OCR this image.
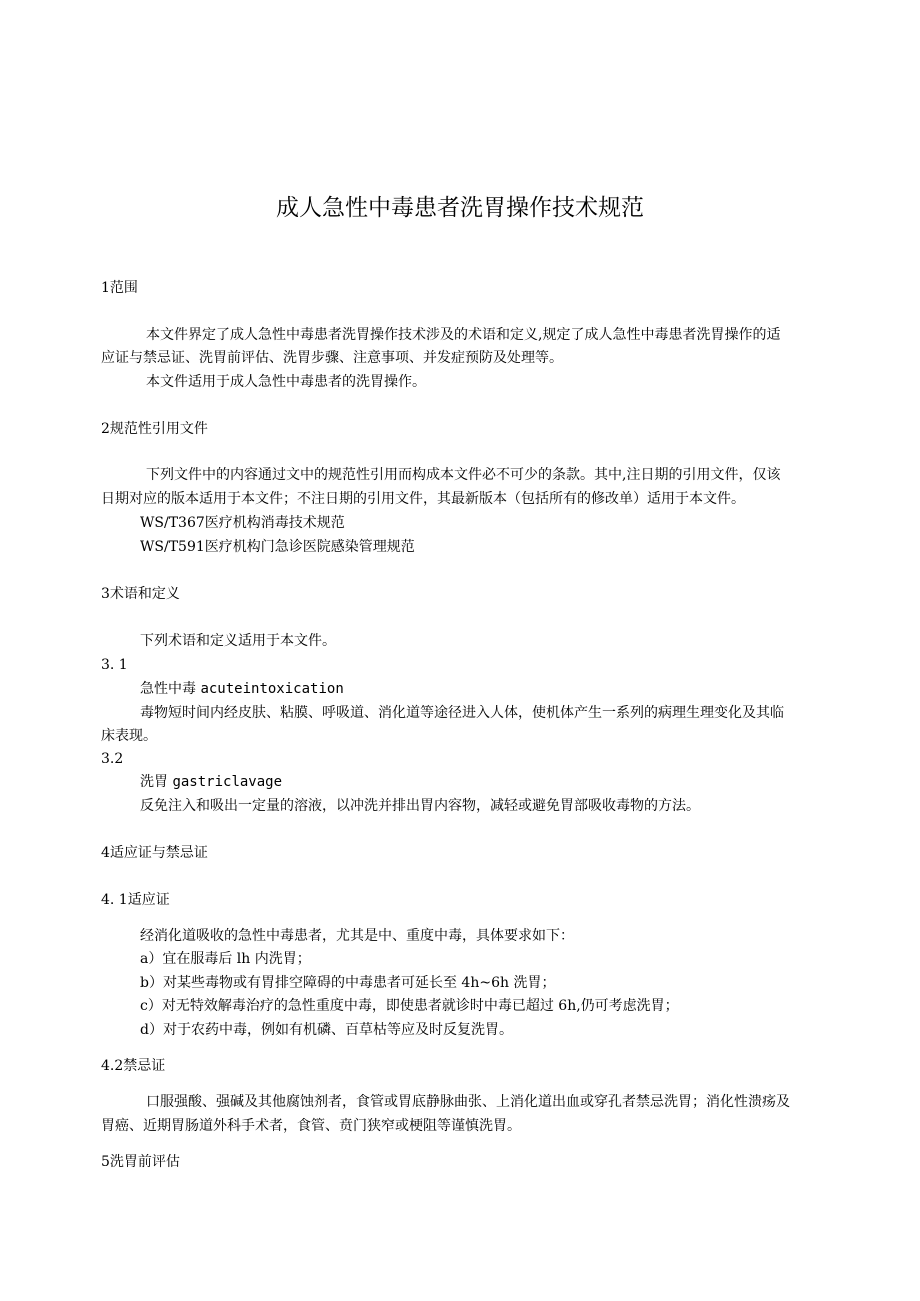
成人急性中毒患者洗胃操作技术规范
1范围
本文件界定了成人急性中毒患者洗胃操作技术涉及的术语和定义,规定了成人急性中毒患者洗胃操作的适
应证与禁忌证、洗胃前评估、洗胃步骤、注意事项、并发症预防及处理等。
本文件适用于成人急性中毒患者的洗胃操作。
2规范性引用文件
下列文件中的内容通过文中的规范性引用而构成本文件必不可少的条款。其中,注日期的引用文件，仅该
日期对应的版本适用于本文件；不注日期的引用文件，其最新版本（包括所有的修改单）适用于本文件。
WS/T367医疗机构消毒技术规范
WS/T591医疗机构门急诊医院感染管理规范
3术语和定义
下列术语和定义适用于本文件。
3. 1
急性中毒 acuteintoxication
毒物短时间内经皮肤、粘膜、呼吸道、消化道等途径进入人体，使机体产生一系列的病理生理变化及其临
床表现。
3.2
洗胃 gastriclavage
反免注入和吸出一定量的溶液，以冲洗并排出胃内容物，减轻或避免胃部吸收毒物的方法。
4适应证与禁忌证
4. 1适应证
经消化道吸收的急性中毒患者，尤其是中、重度中毒，具体要求如下：
a）宜在服毒后 lh 内洗胃；
b）对某些毒物或有胃排空障碍的中毒患者可延长至 4h~6h 洗胃；
c）对无特效解毒治疗的急性重度中毒，即使患者就诊时中毒已超过 6h,仍可考虑洗胃；
d）对于农药中毒，例如有机磷、百草枯等应及时反复洗胃。
4.2禁忌证
口服强酸、强碱及其他腐蚀剂者，食管或胃底静脉曲张、上消化道出血或穿孔者禁忌洗胃；消化性溃疡及
胃癌、近期胃肠道外科手术者，食管、贲门狭窄或梗阻等谨慎洗胃。
5洗胃前评估
